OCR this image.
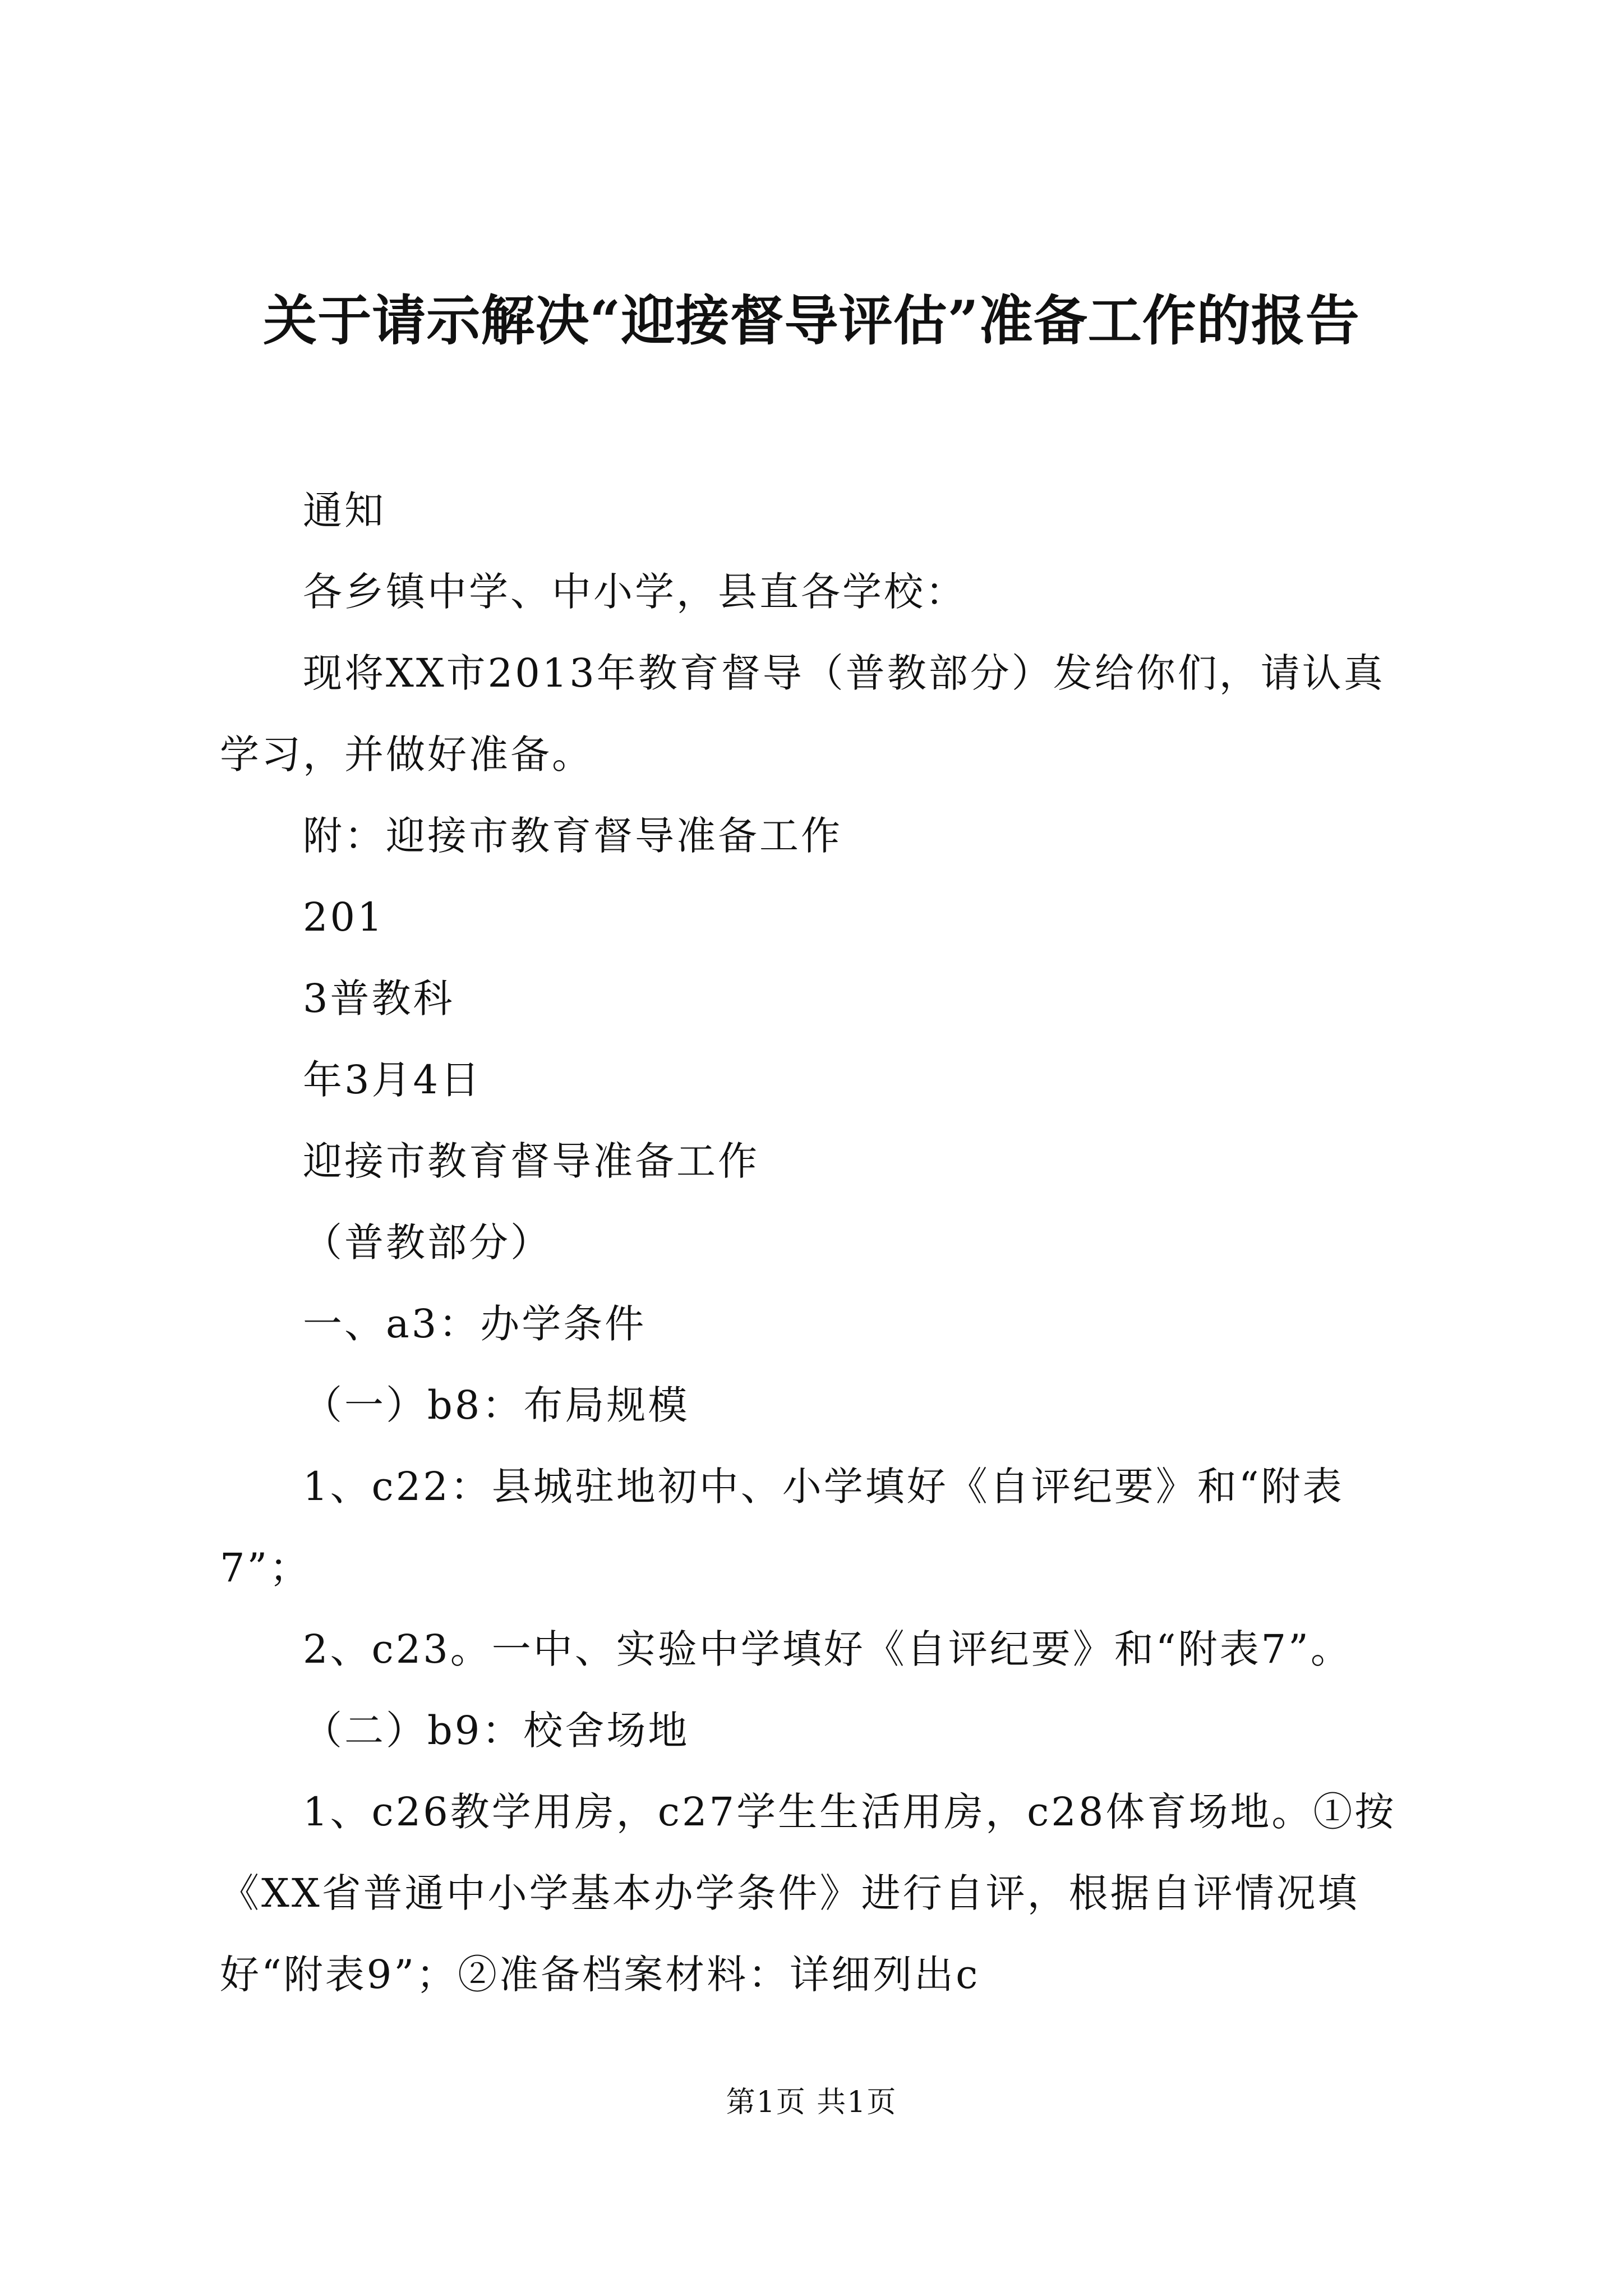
关于请示解决“迎接督导评估”准备工作的报告

通知

各乡镇中学、中小学，县直各学校：

现将XX市2013年教育督导（普教部分）发给你们，请认真学习，并做好准备。

附：迎接市教育督导准备工作

201

3普教科

年3月4日

迎接市教育督导准备工作

（普教部分）

一、a3：办学条件

（一）b8：布局规模

1、c22：县城驻地初中、小学填好《自评纪要》和“附表7”；

2、c23。一中、实验中学填好《自评纪要》和“附表7”。

（二）b9：校舍场地

1、c26教学用房，c27学生生活用房，c28体育场地。①按《XX省普通中小学基本办学条件》进行自评，根据自评情况填好“附表9”；②准备档案材料：详细列出c

第1页 共1页
